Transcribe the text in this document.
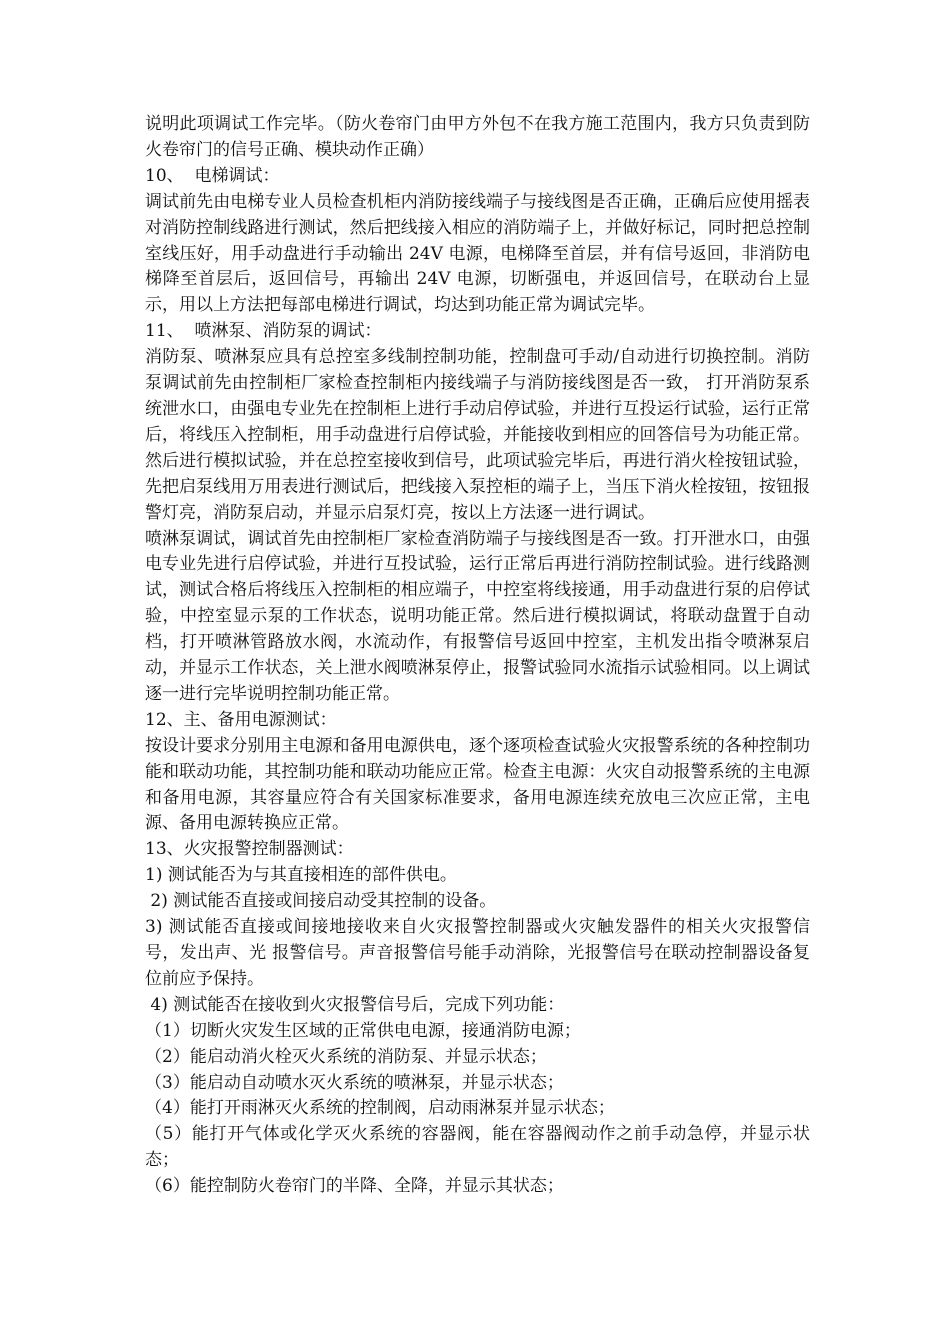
说明此项调试工作完毕。（防火卷帘门由甲方外包不在我方施工范围内，我方只负责到防火卷帘门的信号正确、模块动作正确）

10、  电梯调试：

调试前先由电梯专业人员检查机柜内消防接线端子与接线图是否正确，正确后应使用摇表对消防控制线路进行测试，然后把线接入相应的消防端子上，并做好标记，同时把总控制室线压好，用手动盘进行手动输出 24V 电源，电梯降至首层，并有信号返回，非消防电梯降至首层后，返回信号，再输出 24V 电源，切断强电，并返回信号，在联动台上显示，用以上方法把每部电梯进行调试，均达到功能正常为调试完毕。

11、  喷淋泵、消防泵的调试：

消防泵、喷淋泵应具有总控室多线制控制功能，控制盘可手动/自动进行切换控制。消防泵调试前先由控制柜厂家检查控制柜内接线端子与消防接线图是否一致， 打开消防泵系统泄水口，由强电专业先在控制柜上进行手动启停试验，并进行互投运行试验，运行正常后，将线压入控制柜，用手动盘进行启停试验，并能接收到相应的回答信号为功能正常。然后进行模拟试验，并在总控室接收到信号，此项试验完毕后，再进行消火栓按钮试验，先把启泵线用万用表进行测试后，把线接入泵控柜的端子上，当压下消火栓按钮，按钮报警灯亮，消防泵启动，并显示启泵灯亮，按以上方法逐一进行调试。

喷淋泵调试，调试首先由控制柜厂家检查消防端子与接线图是否一致。打开泄水口，由强电专业先进行启停试验，并进行互投试验，运行正常后再进行消防控制试验。进行线路测试，测试合格后将线压入控制柜的相应端子，中控室将线接通，用手动盘进行泵的启停试验，中控室显示泵的工作状态，说明功能正常。然后进行模拟调试，将联动盘置于自动档，打开喷淋管路放水阀，水流动作，有报警信号返回中控室，主机发出指令喷淋泵启动，并显示工作状态，关上泄水阀喷淋泵停止，报警试验同水流指示试验相同。以上调试逐一进行完毕说明控制功能正常。

12、主、备用电源测试：

按设计要求分别用主电源和备用电源供电，逐个逐项检查试验火灾报警系统的各种控制功能和联动功能，其控制功能和联动功能应正常。检查主电源：火灾自动报警系统的主电源和备用电源，其容量应符合有关国家标准要求，备用电源连续充放电三次应正常，主电源、备用电源转换应正常。

13、火灾报警控制器测试：

1) 测试能否为与其直接相连的部件供电。

2) 测试能否直接或间接启动受其控制的设备。

3) 测试能否直接或间接地接收来自火灾报警控制器或火灾触发器件的相关火灾报警信号，发出声、光 报警信号。声音报警信号能手动消除，光报警信号在联动控制器设备复位前应予保持。

4) 测试能否在接收到火灾报警信号后，完成下列功能：

（1）切断火灾发生区域的正常供电电源，接通消防电源；

（2）能启动消火栓灭火系统的消防泵、并显示状态；

（3）能启动自动喷水灭火系统的喷淋泵，并显示状态；

（4）能打开雨淋灭火系统的控制阀，启动雨淋泵并显示状态；

（5）能打开气体或化学灭火系统的容器阀，能在容器阀动作之前手动急停，并显示状态；

（6）能控制防火卷帘门的半降、全降，并显示其状态；
